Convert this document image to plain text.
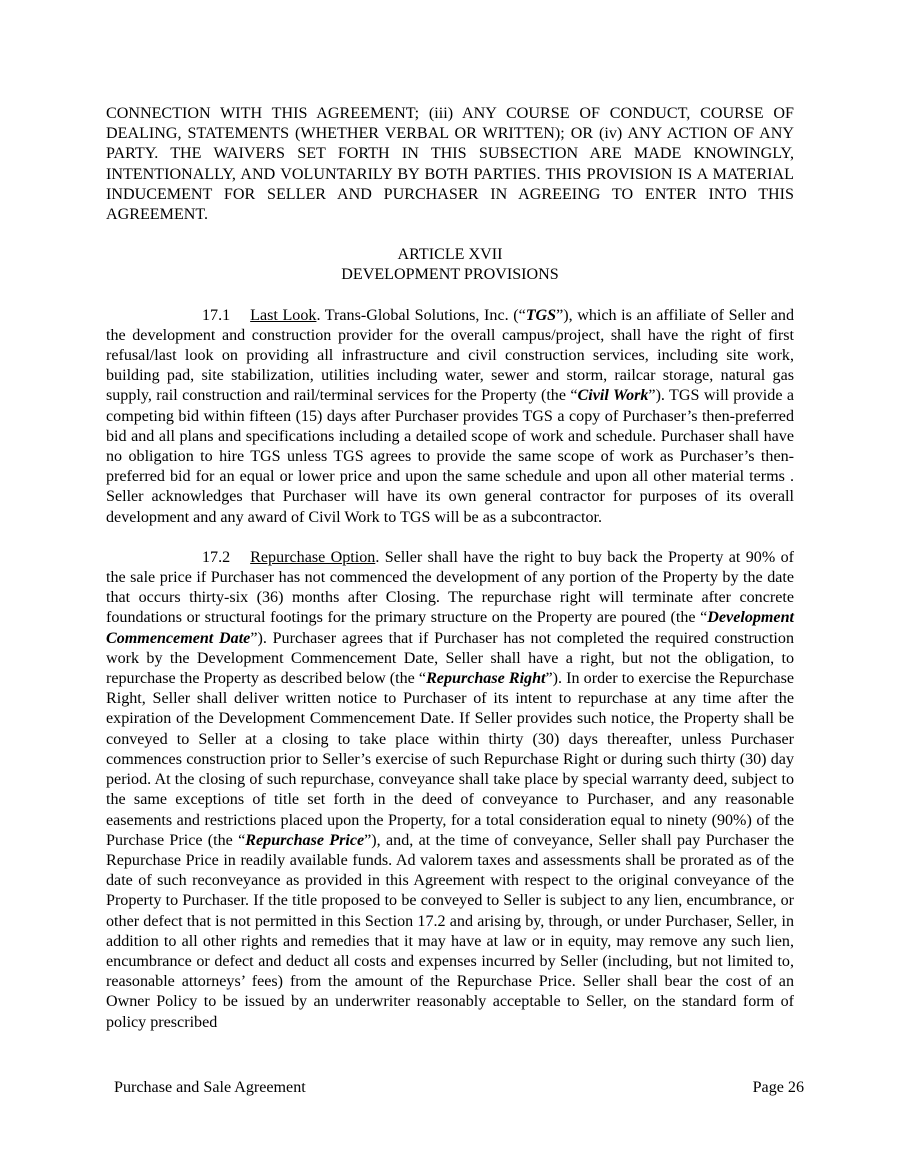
CONNECTION WITH THIS AGREEMENT; (iii) ANY COURSE OF CONDUCT, COURSE OF DEALING, STATEMENTS (WHETHER VERBAL OR WRITTEN); OR (iv) ANY ACTION OF ANY PARTY. THE WAIVERS SET FORTH IN THIS SUBSECTION ARE MADE KNOWINGLY, INTENTIONALLY, AND VOLUNTARILY BY BOTH PARTIES. THIS PROVISION IS A MATERIAL INDUCEMENT FOR SELLER AND PURCHASER IN AGREEING TO ENTER INTO THIS AGREEMENT.

ARTICLE XVII
DEVELOPMENT PROVISIONS

17.1 Last Look. Trans-Global Solutions, Inc. (“TGS”), which is an affiliate of Seller and the development and construction provider for the overall campus/project, shall have the right of first refusal/last look on providing all infrastructure and civil construction services, including site work, building pad, site stabilization, utilities including water, sewer and storm, railcar storage, natural gas supply, rail construction and rail/terminal services for the Property (the “Civil Work”). TGS will provide a competing bid within fifteen (15) days after Purchaser provides TGS a copy of Purchaser’s then-preferred bid and all plans and specifications including a detailed scope of work and schedule. Purchaser shall have no obligation to hire TGS unless TGS agrees to provide the same scope of work as Purchaser’s then-preferred bid for an equal or lower price and upon the same schedule and upon all other material terms . Seller acknowledges that Purchaser will have its own general contractor for purposes of its overall development and any award of Civil Work to TGS will be as a subcontractor.

17.2 Repurchase Option. Seller shall have the right to buy back the Property at 90% of the sale price if Purchaser has not commenced the development of any portion of the Property by the date that occurs thirty-six (36) months after Closing. The repurchase right will terminate after concrete foundations or structural footings for the primary structure on the Property are poured (the “Development Commencement Date”). Purchaser agrees that if Purchaser has not completed the required construction work by the Development Commencement Date, Seller shall have a right, but not the obligation, to repurchase the Property as described below (the “Repurchase Right”). In order to exercise the Repurchase Right, Seller shall deliver written notice to Purchaser of its intent to repurchase at any time after the expiration of the Development Commencement Date. If Seller provides such notice, the Property shall be conveyed to Seller at a closing to take place within thirty (30) days thereafter, unless Purchaser commences construction prior to Seller’s exercise of such Repurchase Right or during such thirty (30) day period. At the closing of such repurchase, conveyance shall take place by special warranty deed, subject to the same exceptions of title set forth in the deed of conveyance to Purchaser, and any reasonable easements and restrictions placed upon the Property, for a total consideration equal to ninety (90%) of the Purchase Price (the “Repurchase Price”), and, at the time of conveyance, Seller shall pay Purchaser the Repurchase Price in readily available funds. Ad valorem taxes and assessments shall be prorated as of the date of such reconveyance as provided in this Agreement with respect to the original conveyance of the Property to Purchaser. If the title proposed to be conveyed to Seller is subject to any lien, encumbrance, or other defect that is not permitted in this Section 17.2 and arising by, through, or under Purchaser, Seller, in addition to all other rights and remedies that it may have at law or in equity, may remove any such lien, encumbrance or defect and deduct all costs and expenses incurred by Seller (including, but not limited to, reasonable attorneys’ fees) from the amount of the Repurchase Price. Seller shall bear the cost of an Owner Policy to be issued by an underwriter reasonably acceptable to Seller, on the standard form of policy prescribed

Purchase and Sale Agreement	Page 26
